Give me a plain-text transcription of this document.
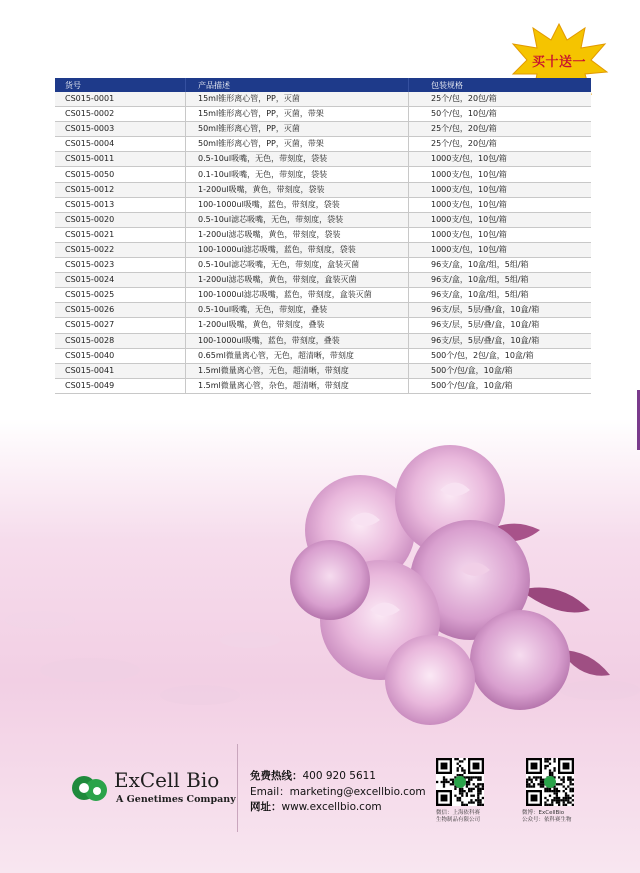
买十送一
货号	产品描述	包装规格
CS015-0001	15ml锥形离心管，PP，灭菌	25个/包，20包/箱
CS015-0002	15ml锥形离心管，PP，灭菌，带架	50个/包，10包/箱
CS015-0003	50ml锥形离心管，PP，灭菌	25个/包，20包/箱
CS015-0004	50ml锥形离心管，PP，灭菌，带架	25个/包，20包/箱
CS015-0011	0.5-10ul吸嘴，无色，带刻度，袋装	1000支/包，10包/箱
CS015-0050	0.1-10ul吸嘴，无色，带刻度，袋装	1000支/包，10包/箱
CS015-0012	1-200ul吸嘴，黄色，带刻度，袋装	1000支/包，10包/箱
CS015-0013	100-1000ul吸嘴，蓝色，带刻度，袋装	1000支/包，10包/箱
CS015-0020	0.5-10ul滤芯吸嘴，无色，带刻度，袋装	1000支/包，10包/箱
CS015-0021	1-200ul滤芯吸嘴，黄色，带刻度，袋装	1000支/包，10包/箱
CS015-0022	100-1000ul滤芯吸嘴，蓝色，带刻度，袋装	1000支/包，10包/箱
CS015-0023	0.5-10ul滤芯吸嘴，无色，带刻度，盒装灭菌	96支/盒，10盒/组，5组/箱
CS015-0024	1-200ul滤芯吸嘴，黄色，带刻度，盒装灭菌	96支/盒，10盒/组，5组/箱
CS015-0025	100-1000ul滤芯吸嘴，蓝色，带刻度，盒装灭菌	96支/盒，10盒/组，5组/箱
CS015-0026	0.5-10ul吸嘴，无色，带刻度，叠装	96支/层，5层/叠/盒，10盒/箱
CS015-0027	1-200ul吸嘴，黄色，带刻度，叠装	96支/层，5层/叠/盒，10盒/箱
CS015-0028	100-1000ul吸嘴，蓝色，带刻度，叠装	96支/层，5层/叠/盒，10盒/箱
CS015-0040	0.65ml微量离心管，无色，超清晰，带刻度	500个/包，2包/盒，10盒/箱
CS015-0041	1.5ml微量离心管，无色，超清晰，带刻度	500个/包/盒，10盒/箱
CS015-0049	1.5ml微量离心管，杂色，超清晰，带刻度	500个/包/盒，10盒/箱
ExCell Bio
A Genetimes Company
免费热线：400 920 5611
Email：marketing@excellbio.com
网址：www.excellbio.com	微信：上海依科赛
生物制品有限公司
微博：ExCellBio
公众号：依科赛生物
